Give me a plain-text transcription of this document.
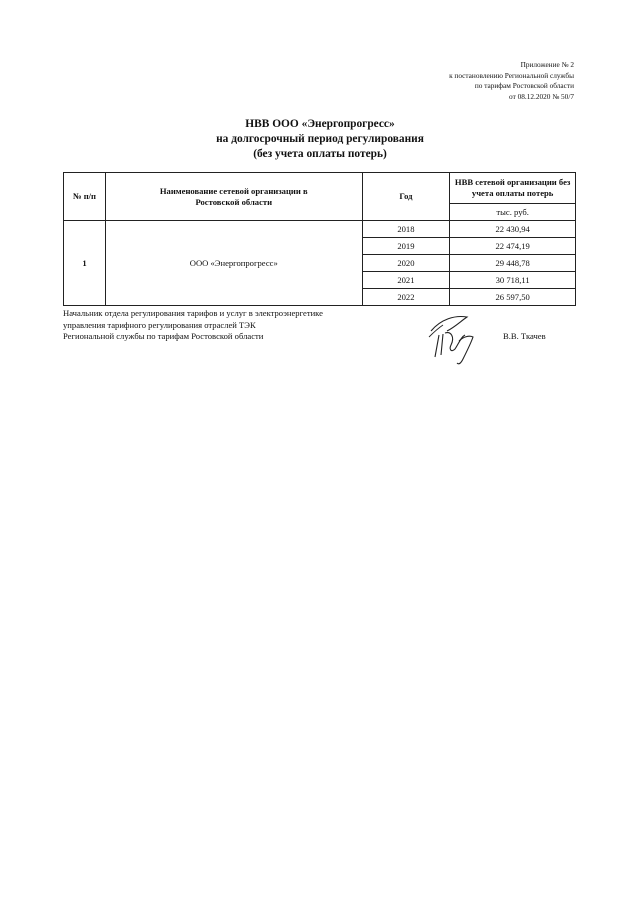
Приложение № 2
к постановлению Региональной службы
по тарифам Ростовской области
от 08.12.2020 № 50/7
НВВ ООО «Энергопрогресс»
на долгосрочный период регулирования
(без учета оплаты потерь)
№ п/п	Наименование сетевой организации в Ростовской области	Год	НВВ сетевой организации без учета оплаты потерь
			тыс. руб.
1	ООО «Энергопрогресс»	2018	22 430,94
		2019	22 474,19
		2020	29 448,78
		2021	30 718,11
		2022	26 597,50
Начальник отдела регулирования тарифов и услуг в электроэнергетике
управления тарифного регулирования отраслей ТЭК
Региональной службы по тарифам Ростовской области	В.В. Ткачев
